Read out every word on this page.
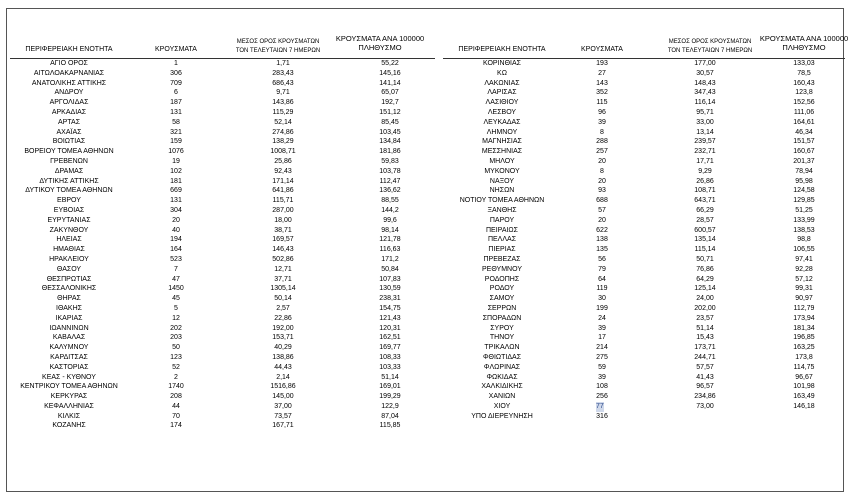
ΠΕΡΙΦΕΡΕΙΑΚΗ ΕΝΟΤΗΤΑ	ΚΡΟΥΣΜΑΤΑ
ΜΕΣΟΣ ΟΡΟΣ ΚΡΟΥΣΜΑΤΩΝ
ΤΟΝ ΤΕΛΕΥΤΑΙΩΝ 7 ΗΜΕΡΩΝ
ΚΡΟΥΣΜΑΤΑ ΑΝΑ 100000
ΠΛΗΘΥΣΜΟ	ΠΕΡΙΦΕΡΕΙΑΚΗ ΕΝΟΤΗΤΑ	ΚΡΟΥΣΜΑΤΑ
ΜΕΣΟΣ ΟΡΟΣ ΚΡΟΥΣΜΑΤΩΝ
ΤΟΝ ΤΕΛΕΥΤΑΙΩΝ 7 ΗΜΕΡΩΝ
ΚΡΟΥΣΜΑΤΑ ΑΝΑ 100000
ΠΛΗΘΥΣΜΟ
ΑΓΙΟ ΟΡΟΣ	1	1,71	55,22
ΑΙΤΩΛΟΑΚΑΡΝΑΝΙΑΣ	306	283,43	145,16
ΑΝΑΤΟΛΙΚΗΣ ΑΤΤΙΚΗΣ	709	686,43	141,14
ΑΝΔΡΟΥ	6	9,71	65,07
ΑΡΓΟΛΙΔΑΣ	187	143,86	192,7
ΑΡΚΑΔΙΑΣ	131	115,29	151,12
ΑΡΤΑΣ	58	52,14	85,45
ΑΧΑΪΑΣ	321	274,86	103,45
ΒΟΙΩΤΙΑΣ	159	138,29	134,84
ΒΟΡΕΙΟΥ ΤΟΜΕΑ ΑΘΗΝΩΝ	1076	1008,71	181,86
ΓΡΕΒΕΝΩΝ	19	25,86	59,83
ΔΡΑΜΑΣ	102	92,43	103,78
ΔΥΤΙΚΗΣ ΑΤΤΙΚΗΣ	181	171,14	112,47
ΔΥΤΙΚΟΥ ΤΟΜΕΑ ΑΘΗΝΩΝ	669	641,86	136,62
ΕΒΡΟΥ	131	115,71	88,55
ΕΥΒΟΙΑΣ	304	287,00	144,2
ΕΥΡΥΤΑΝΙΑΣ	20	18,00	99,6
ΖΑΚΥΝΘΟΥ	40	38,71	98,14
ΗΛΕΙΑΣ	194	169,57	121,78
ΗΜΑΘΙΑΣ	164	146,43	116,63
ΗΡΑΚΛΕΙΟΥ	523	502,86	171,2
ΘΑΣΟΥ	7	12,71	50,84
ΘΕΣΠΡΩΤΙΑΣ	47	37,71	107,83
ΘΕΣΣΑΛΟΝΙΚΗΣ	1450	1305,14	130,59
ΘΗΡΑΣ	45	50,14	238,31
ΙΘΑΚΗΣ	5	2,57	154,75
ΙΚΑΡΙΑΣ	12	22,86	121,43
ΙΩΑΝΝΙΝΩΝ	202	192,00	120,31
ΚΑΒΑΛΑΣ	203	153,71	162,51
ΚΑΛΥΜΝΟΥ	50	40,29	169,77
ΚΑΡΔΙΤΣΑΣ	123	138,86	108,33
ΚΑΣΤΟΡΙΑΣ	52	44,43	103,33
ΚΕΑΣ - ΚΥΘΝΟΥ	2	2,14	51,14
ΚΕΝΤΡΙΚΟΥ ΤΟΜΕΑ ΑΘΗΝΩΝ	1740	1516,86	169,01
ΚΕΡΚΥΡΑΣ	208	145,00	199,29
ΚΕΦΑΛΛΗΝΙΑΣ	44	37,00	122,9
ΚΙΛΚΙΣ	70	73,57	87,04
ΚΟΖΑΝΗΣ	174	167,71	115,85
ΚΟΡΙΝΘΙΑΣ	193	177,00	133,03
ΚΩ	27	30,57	78,5
ΛΑΚΩΝΙΑΣ	143	148,43	160,43
ΛΑΡΙΣΑΣ	352	347,43	123,8
ΛΑΣΙΘΙΟΥ	115	116,14	152,56
ΛΕΣΒΟΥ	96	95,71	111,06
ΛΕΥΚΑΔΑΣ	39	33,00	164,61
ΛΗΜΝΟΥ	8	13,14	46,34
ΜΑΓΝΗΣΙΑΣ	288	239,57	151,57
ΜΕΣΣΗΝΙΑΣ	257	232,71	160,67
ΜΗΛΟΥ	20	17,71	201,37
ΜΥΚΟΝΟΥ	8	9,29	78,94
ΝΑΞΟΥ	20	26,86	95,98
ΝΗΣΩΝ	93	108,71	124,58
ΝΟΤΙΟΥ ΤΟΜΕΑ ΑΘΗΝΩΝ	688	643,71	129,85
ΞΑΝΘΗΣ	57	66,29	51,25
ΠΑΡΟΥ	20	28,57	133,99
ΠΕΙΡΑΙΩΣ	622	600,57	138,53
ΠΕΛΛΑΣ	138	135,14	98,8
ΠΙΕΡΙΑΣ	135	115,14	106,55
ΠΡΕΒΕΖΑΣ	56	50,71	97,41
ΡΕΘΥΜΝΟΥ	79	76,86	92,28
ΡΟΔΟΠΗΣ	64	64,29	57,12
ΡΟΔΟΥ	119	125,14	99,31
ΣΑΜΟΥ	30	24,00	90,97
ΣΕΡΡΩΝ	199	202,00	112,79
ΣΠΟΡΑΔΩΝ	24	23,57	173,94
ΣΥΡΟΥ	39	51,14	181,34
ΤΗΝΟΥ	17	15,43	196,85
ΤΡΙΚΑΛΩΝ	214	173,71	163,25
ΦΘΙΩΤΙΔΑΣ	275	244,71	173,8
ΦΛΩΡΙΝΑΣ	59	57,57	114,75
ΦΩΚΙΔΑΣ	39	41,43	96,67
ΧΑΛΚΙΔΙΚΗΣ	108	96,57	101,98
ΧΑΝΙΩΝ	256	234,86	163,49
ΧΙΟΥ	77	73,00	146,18
ΥΠΟ ΔΙΕΡΕΥΝΗΣΗ	316
